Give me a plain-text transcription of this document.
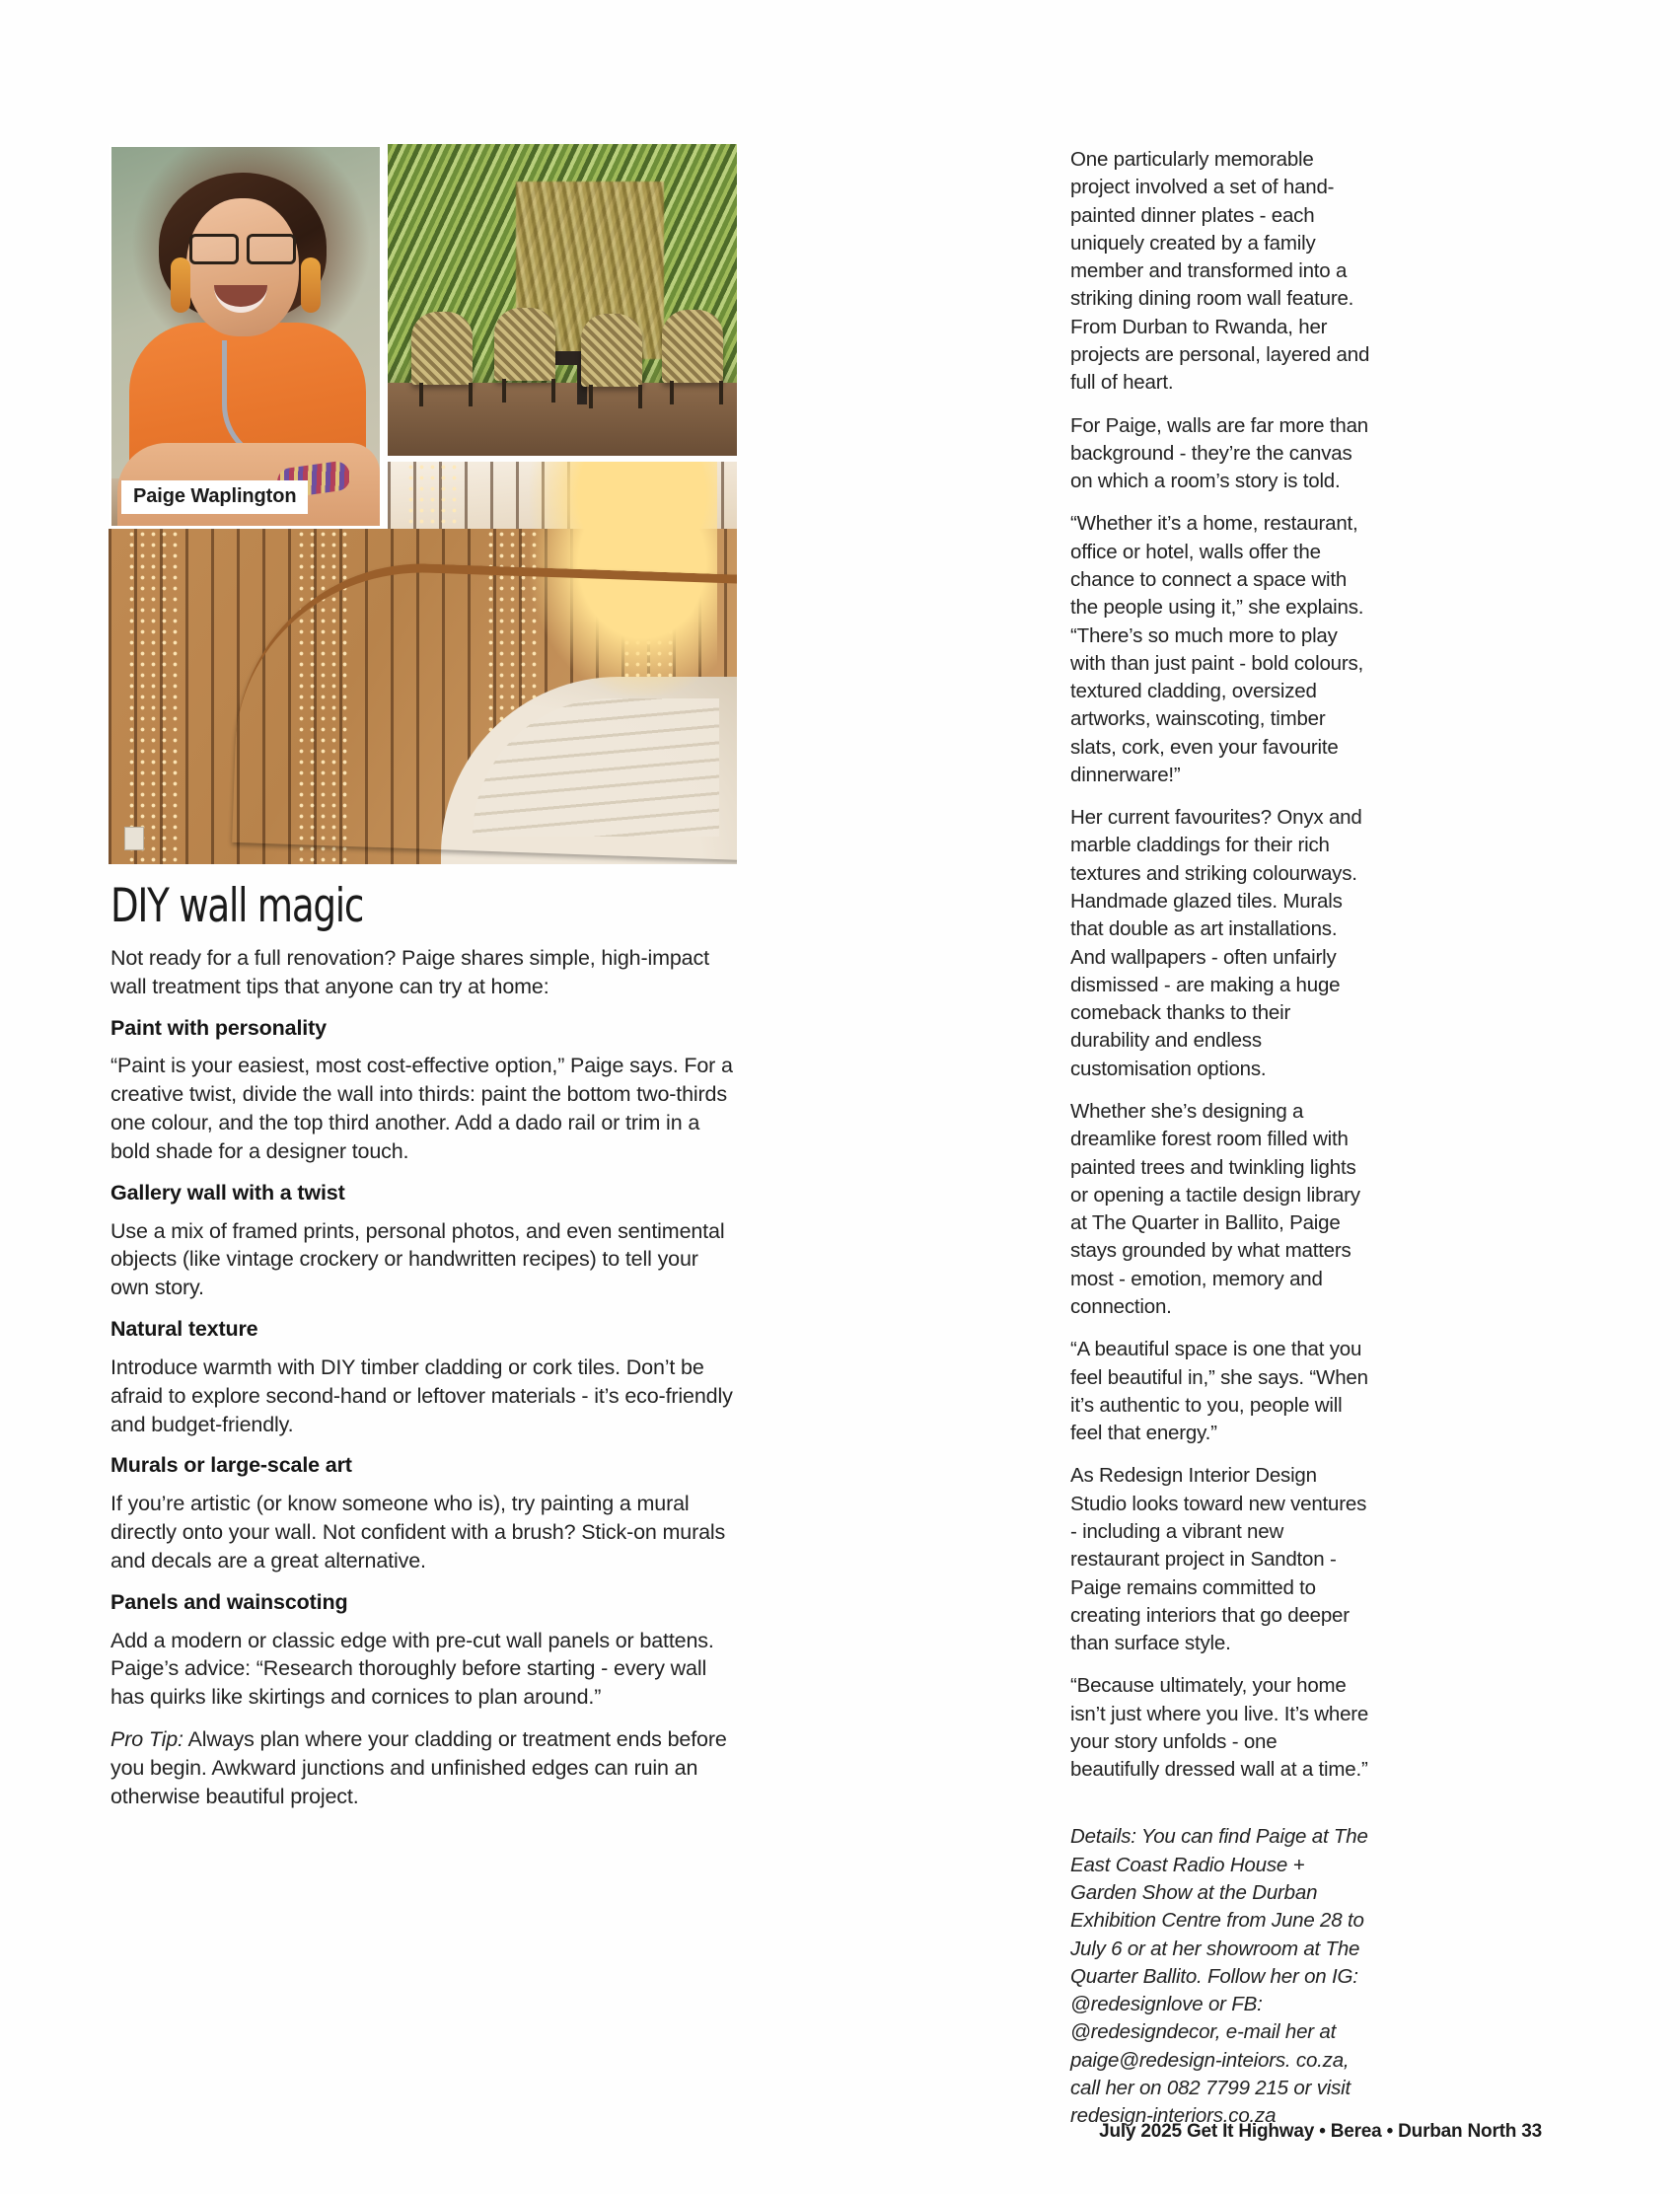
Paige Waplington
DIY wall magic

Not ready for a full renovation? Paige shares simple, high-impact wall treatment tips that anyone can try at home:

Paint with personality

“Paint is your easiest, most cost-effective option,” Paige says. For a creative twist, divide the wall into thirds: paint the bottom two-thirds one colour, and the top third another. Add a dado rail or trim in a bold shade for a designer touch.

Gallery wall with a twist

Use a mix of framed prints, personal photos, and even sentimental objects (like vintage crockery or handwritten recipes) to tell your own story.

Natural texture

Introduce warmth with DIY timber cladding or cork tiles. Don’t be afraid to explore second-hand or leftover materials - it’s eco-friendly and budget-friendly.

Murals or large-scale art

If you’re artistic (or know someone who is), try painting a mural directly onto your wall. Not confident with a brush? Stick-on murals and decals are a great alternative.

Panels and wainscoting

Add a modern or classic edge with pre-cut wall panels or battens. Paige’s advice: “Research thoroughly before starting - every wall has quirks like skirtings and cornices to plan around.”

Pro Tip: Always plan where your cladding or treatment ends before you begin. Awkward junctions and unfinished edges can ruin an otherwise beautiful project.

One particularly memorable project involved a set of hand-painted dinner plates - each uniquely created by a family member and transformed into a striking dining room wall feature. From Durban to Rwanda, her projects are personal, layered and full of heart.

For Paige, walls are far more than background - they’re the canvas on which a room’s story is told.

“Whether it’s a home, restaurant, office or hotel, walls offer the chance to connect a space with the people using it,” she explains. “There’s so much more to play with than just paint - bold colours, textured cladding, oversized artworks, wainscoting, timber slats, cork, even your favourite dinnerware!”

Her current favourites? Onyx and marble claddings for their rich textures and striking colourways. Handmade glazed tiles. Murals that double as art installations. And wallpapers - often unfairly dismissed - are making a huge comeback thanks to their durability and endless customisation options.

Whether she’s designing a dreamlike forest room filled with painted trees and twinkling lights or opening a tactile design library at The Quarter in Ballito, Paige stays grounded by what matters most - emotion, memory and connection.

“A beautiful space is one that you feel beautiful in,” she says. “When it’s authentic to you, people will feel that energy.”

As Redesign Interior Design Studio looks toward new ventures - including a vibrant new restaurant project in Sandton - Paige remains committed to creating interiors that go deeper than surface style.

“Because ultimately, your home isn’t just where you live. It’s where your story unfolds - one beautifully dressed wall at a time.”

Details: You can find Paige at The East Coast Radio House + Garden Show at the Durban Exhibition Centre from June 28 to July 6 or at her showroom at The Quarter Ballito. Follow her on IG: @redesignlove or FB: @redesigndecor, e-mail her at paige@redesign-inteiors. co.za, call her on 082 7799 215 or visit redesign-interiors.co.za
July 2025 Get It Highway • Berea • Durban North 33
